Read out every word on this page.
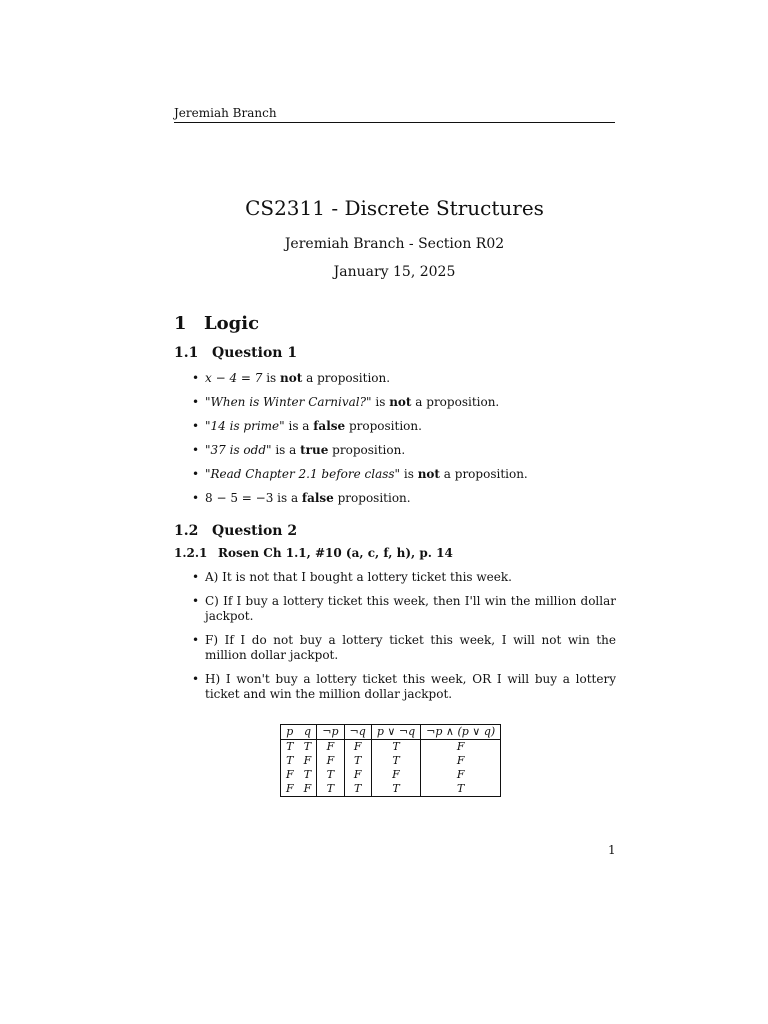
Jeremiah Branch
CS2311 - Discrete Structures
Jeremiah Branch - Section R02
January 15, 2025
1 Logic
1.1 Question 1
• x − 4 = 7 is not a proposition.
• "When is Winter Carnival?" is not a proposition.
• "14 is prime" is a false proposition.
• "37 is odd" is a true proposition.
• "Read Chapter 2.1 before class" is not a proposition.
• 8 − 5 = −3 is a false proposition.
1.2 Question 2
1.2.1 Rosen Ch 1.1, #10 (a, c, f, h), p. 14
• A) It is not that I bought a lottery ticket this week.
• C) If I buy a lottery ticket this week, then I'll win the million dollar jackpot.
• F) If I do not buy a lottery ticket this week, I will not win the million dollar jackpot.
• H) I won't buy a lottery ticket this week, OR I will buy a lottery ticket and win the million dollar jackpot.
p	q	¬p	¬q	p ∨ ¬q	¬p ∧ (p ∨ q)
T	T	F	F	T	F
T	F	F	T	T	F
F	T	T	F	F	F
F	F	T	T	T	T
1
